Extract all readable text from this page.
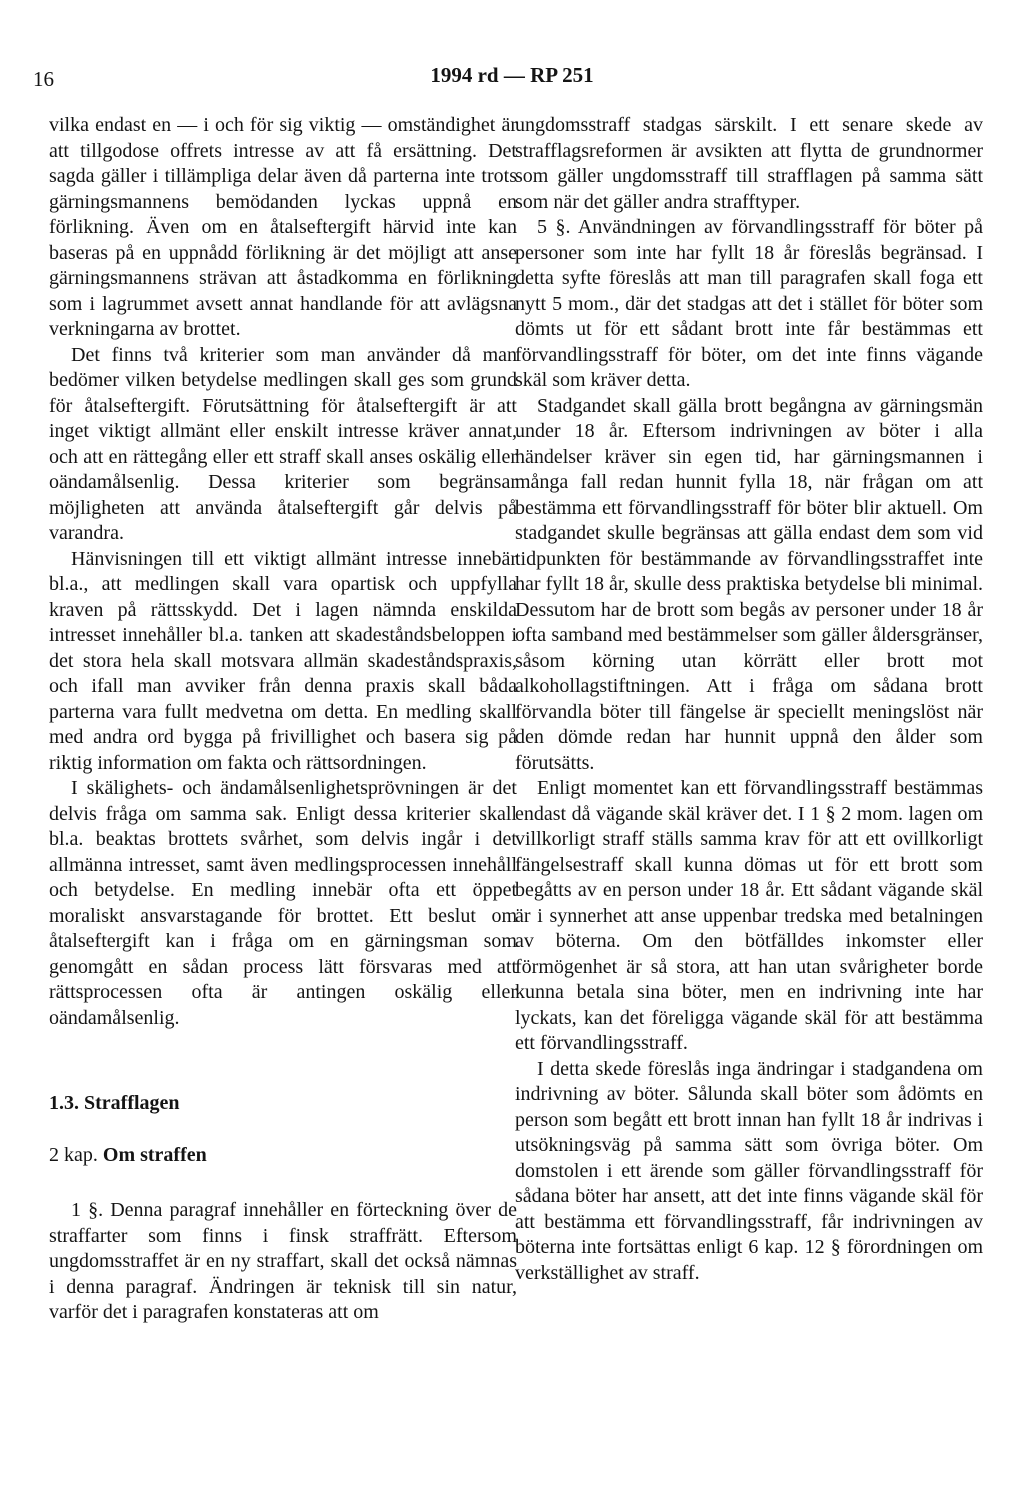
16	1994 rd — RP 251

vilka endast en — i och för sig viktig — omständighet är att tillgodose offrets intresse av att få ersättning. Det sagda gäller i tillämpliga delar även då parterna inte trots gärningsmannens bemödanden lyckas uppnå en förlikning. Även om en åtalseftergift härvid inte kan baseras på en uppnådd förlikning är det möjligt att anse gärningsmannens strävan att åstadkomma en förlikning som i lagrummet avsett annat handlande för att avlägsna verkningarna av brottet.

Det finns två kriterier som man använder då man bedömer vilken betydelse medlingen skall ges som grund för åtalseftergift. Förutsättning för åtalseftergift är att inget viktigt allmänt eller enskilt intresse kräver annat, och att en rättegång eller ett straff skall anses oskälig eller oändamålsenlig. Dessa kriterier som begränsar möjligheten att använda åtalseftergift går delvis på varandra.

Hänvisningen till ett viktigt allmänt intresse innebär bl.a., att medlingen skall vara opartisk och uppfylla kraven på rättsskydd. Det i lagen nämnda enskilda intresset innehåller bl.a. tanken att skadeståndsbeloppen i det stora hela skall motsvara allmän skadeståndspraxis, och ifall man avviker från denna praxis skall båda parterna vara fullt medvetna om detta. En medling skall med andra ord bygga på frivillighet och basera sig på riktig information om fakta och rättsordningen.

I skälighets- och ändamålsenlighetsprövningen är det delvis fråga om samma sak. Enligt dessa kriterier skall bl.a. beaktas brottets svårhet, som delvis ingår i det allmänna intresset, samt även medlingsprocessen innehåll och betydelse. En medling innebär ofta ett öppet moraliskt ansvarstagande för brottet. Ett beslut om åtalseftergift kan i fråga om en gärningsman som genomgått en sådan process lätt försvaras med att rättsprocessen ofta är antingen oskälig eller oändamålsenlig.

1.3. Strafflagen
2 kap. Om straffen

1 §. Denna paragraf innehåller en förteckning över de straffarter som finns i finsk straffrätt. Eftersom ungdomsstraffet är en ny straffart, skall det också nämnas i denna paragraf. Ändringen är teknisk till sin natur, varför det i paragrafen konstateras att om

ungdomsstraff stadgas särskilt. I ett senare skede av strafflagsreformen är avsikten att flytta de grundnormer som gäller ungdomsstraff till strafflagen på samma sätt som när det gäller andra strafftyper.

5 §. Användningen av förvandlingsstraff för böter på personer som inte har fyllt 18 år föreslås begränsad. I detta syfte föreslås att man till paragrafen skall foga ett nytt 5 mom., där det stadgas att det i stället för böter som dömts ut för ett sådant brott inte får bestämmas ett förvandlingsstraff för böter, om det inte finns vägande skäl som kräver detta.

Stadgandet skall gälla brott begångna av gärningsmän under 18 år. Eftersom indrivningen av böter i alla händelser kräver sin egen tid, har gärningsmannen i många fall redan hunnit fylla 18, när frågan om att bestämma ett förvandlingsstraff för böter blir aktuell. Om stadgandet skulle begränsas att gälla endast dem som vid tidpunkten för bestämmande av förvandlingsstraffet inte har fyllt 18 år, skulle dess praktiska betydelse bli minimal. Dessutom har de brott som begås av personer under 18 år ofta samband med bestämmelser som gäller åldersgränser, såsom körning utan körrätt eller brott mot alkohollagstiftningen. Att i fråga om sådana brott förvandla böter till fängelse är speciellt meningslöst när den dömde redan har hunnit uppnå den ålder som förutsätts.

Enligt momentet kan ett förvandlingsstraff bestämmas endast då vägande skäl kräver det. I 1 § 2 mom. lagen om villkorligt straff ställs samma krav för att ett ovillkorligt fängelsestraff skall kunna dömas ut för ett brott som begåtts av en person under 18 år. Ett sådant vägande skäl är i synnerhet att anse uppenbar tredska med betalningen av böterna. Om den bötfälldes inkomster eller förmögenhet är så stora, att han utan svårigheter borde kunna betala sina böter, men en indrivning inte har lyckats, kan det föreligga vägande skäl för att bestämma ett förvandlingsstraff.

I detta skede föreslås inga ändringar i stadgandena om indrivning av böter. Sålunda skall böter som ådömts en person som begått ett brott innan han fyllt 18 år indrivas i utsökningsväg på samma sätt som övriga böter. Om domstolen i ett ärende som gäller förvandlingsstraff för sådana böter har ansett, att det inte finns vägande skäl för att bestämma ett förvandlingsstraff, får indrivningen av böterna inte fortsättas enligt 6 kap. 12 § förordningen om verkställighet av straff.
